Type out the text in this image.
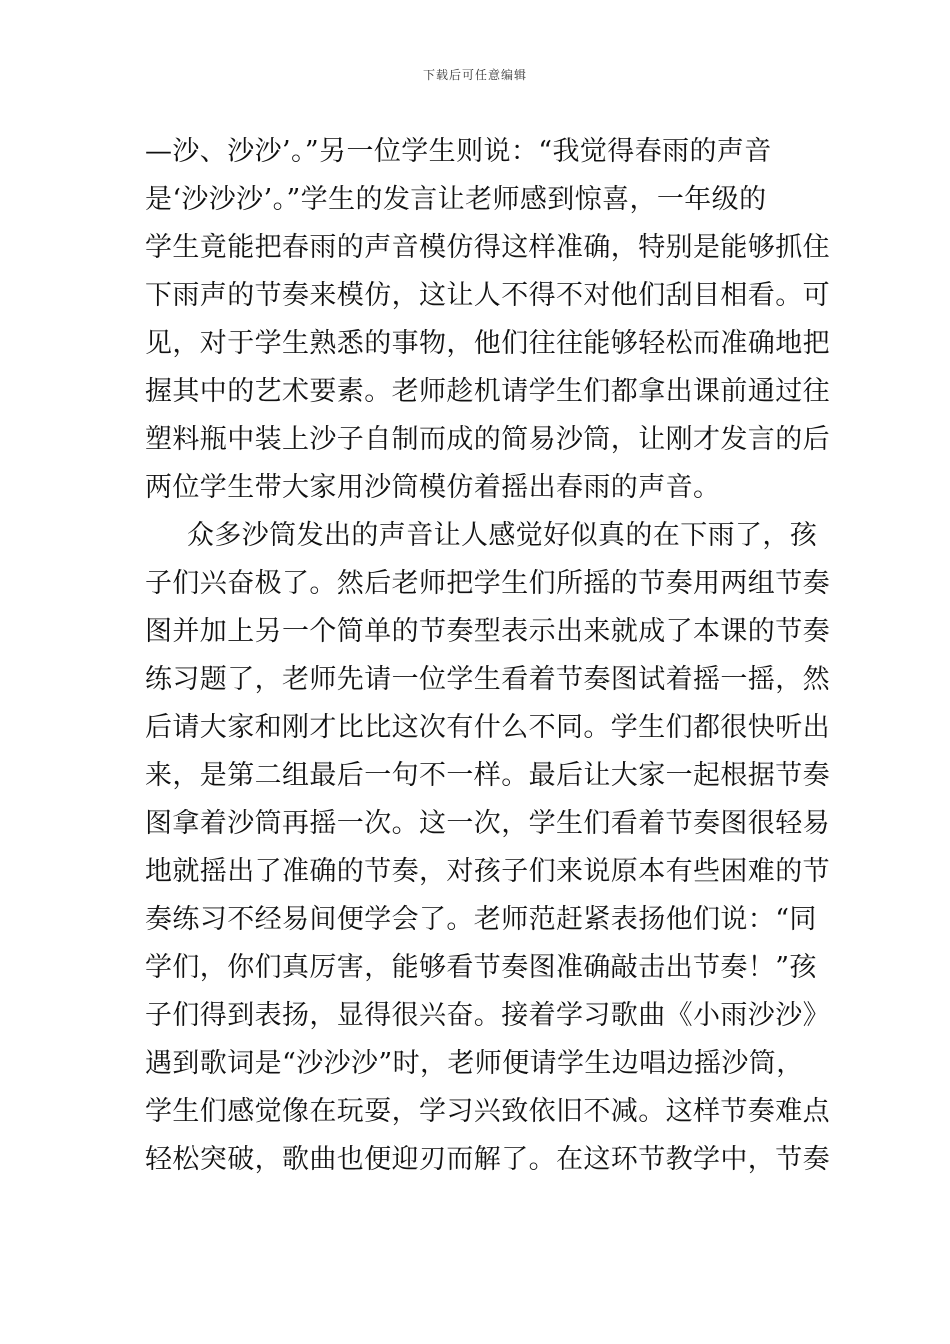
下载后可任意编辑
—沙、沙沙’。”另一位学生则说：“我觉得春雨的声音
是‘沙沙沙’。”学生的发言让老师感到惊喜，一年级的
学生竟能把春雨的声音模仿得这样准确，特别是能够抓住
下雨声的节奏来模仿，这让人不得不对他们刮目相看。可
见，对于学生熟悉的事物，他们往往能够轻松而准确地把
握其中的艺术要素。老师趁机请学生们都拿出课前通过往
塑料瓶中装上沙子自制而成的简易沙筒，让刚才发言的后
两位学生带大家用沙筒模仿着摇出春雨的声音。
众多沙筒发出的声音让人感觉好似真的在下雨了，孩
子们兴奋极了。然后老师把学生们所摇的节奏用两组节奏
图并加上另一个简单的节奏型表示出来就成了本课的节奏
练习题了，老师先请一位学生看着节奏图试着摇一摇，然
后请大家和刚才比比这次有什么不同。学生们都很快听出
来，是第二组最后一句不一样。最后让大家一起根据节奏
图拿着沙筒再摇一次。这一次，学生们看着节奏图很轻易
地就摇出了准确的节奏，对孩子们来说原本有些困难的节
奏练习不经易间便学会了。老师范赶紧表扬他们说：“同
学们，你们真厉害，能够看节奏图准确敲击出节奏！”孩
子们得到表扬，显得很兴奋。接着学习歌曲《小雨沙沙》
遇到歌词是“沙沙沙”时，老师便请学生边唱边摇沙筒，
学生们感觉像在玩耍，学习兴致依旧不减。这样节奏难点
轻松突破，歌曲也便迎刃而解了。在这环节教学中，节奏
